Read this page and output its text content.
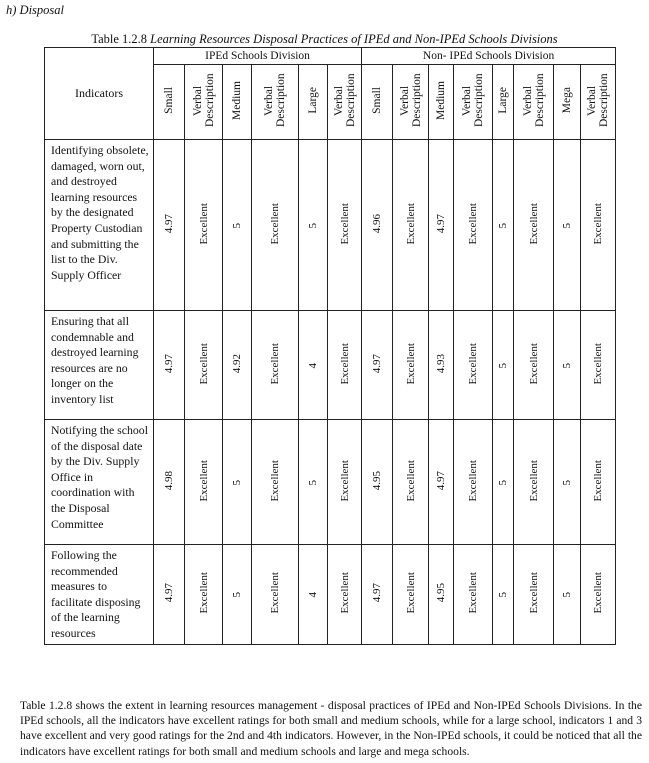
h) Disposal
Table 1.2.8 Learning Resources Disposal Practices of IPEd and Non-IPEd Schools Divisions
Indicators	IPEd Schools Division						Non- IPEd Schools Division							
	Small	Verbal Description	Medium	Verbal Description	Large	Verbal Description	Small	Verbal Description	Medium	Verbal Description	Large	Verbal Description	Mega	Verbal Description
Identifying obsolete, damaged, worn out, and destroyed learning resources by the designated Property Custodian and submitting the list to the Div. Supply Officer	4.97	Excellent	5	Excellent	5	Excellent	4.96	Excellent	4.97	Excellent	5	Excellent	5	Excellent
Ensuring that all condemnable and destroyed learning resources are no longer on the inventory list	4.97	Excellent	4.92	Excellent	4	Excellent	4.97	Excellent	4.93	Excellent	5	Excellent	5	Excellent
Notifying the school of the disposal date by the Div. Supply Office in coordination with the Disposal Committee	4.98	Excellent	5	Excellent	5	Excellent	4.95	Excellent	4.97	Excellent	5	Excellent	5	Excellent
Following the recommended measures to facilitate disposing of the learning resources	4.97	Excellent	5	Excellent	4	Excellent	4.97	Excellent	4.95	Excellent	5	Excellent	5	Excellent
Table 1.2.8 shows the extent in learning resources management - disposal practices of IPEd and Non-IPEd Schools Divisions. In the IPEd schools, all the indicators have excellent ratings for both small and medium schools, while for a large school, indicators 1 and 3 have excellent and very good ratings for the 2nd and 4th indicators. However, in the Non-IPEd schools, it could be noticed that all the indicators have excellent ratings for both small and medium schools and large and mega schools.
